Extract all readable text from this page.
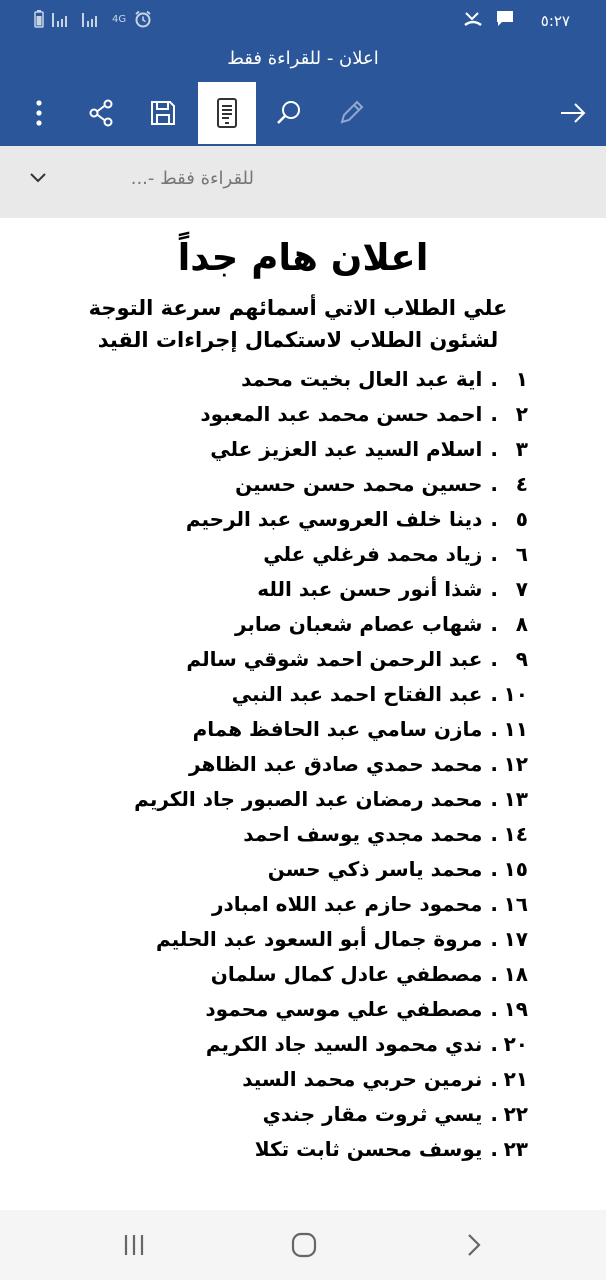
4G	٥:٢٧
اعلان - للقراءة فقط
للقراءة فقط -...
اعلان هام جداً
علي الطلاب الاتي أسمائهم سرعة التوجة لشئون الطلاب لاستكمال إجراءات القيد
١.اية عبد العال بخيت محمد
٢.احمد حسن محمد عبد المعبود
٣.اسلام السيد عبد العزيز علي
٤.حسين محمد حسن حسين
٥.دينا خلف العروسي عبد الرحيم
٦.زياد محمد فرغلي علي
٧.شذا أنور حسن عبد الله
٨.شهاب عصام شعبان صابر
٩.عبد الرحمن احمد شوقي سالم
١٠.عبد الفتاح احمد عبد النبي
١١.مازن سامي عبد الحافظ همام
١٢.محمد حمدي صادق عبد الظاهر
١٣.محمد رمضان عبد الصبور جاد الكريم
١٤.محمد مجدي يوسف احمد
١٥.محمد ياسر ذكي حسن
١٦.محمود حازم عبد اللاه امبادر
١٧.مروة جمال أبو السعود عبد الحليم
١٨.مصطفي عادل كمال سلمان
١٩.مصطفي علي موسي محمود
٢٠.ندي محمود السيد جاد الكريم
٢١.نرمين حربي محمد السيد
٢٢.يسي ثروت مقار جندي
٢٣.يوسف محسن ثابت تكلا
